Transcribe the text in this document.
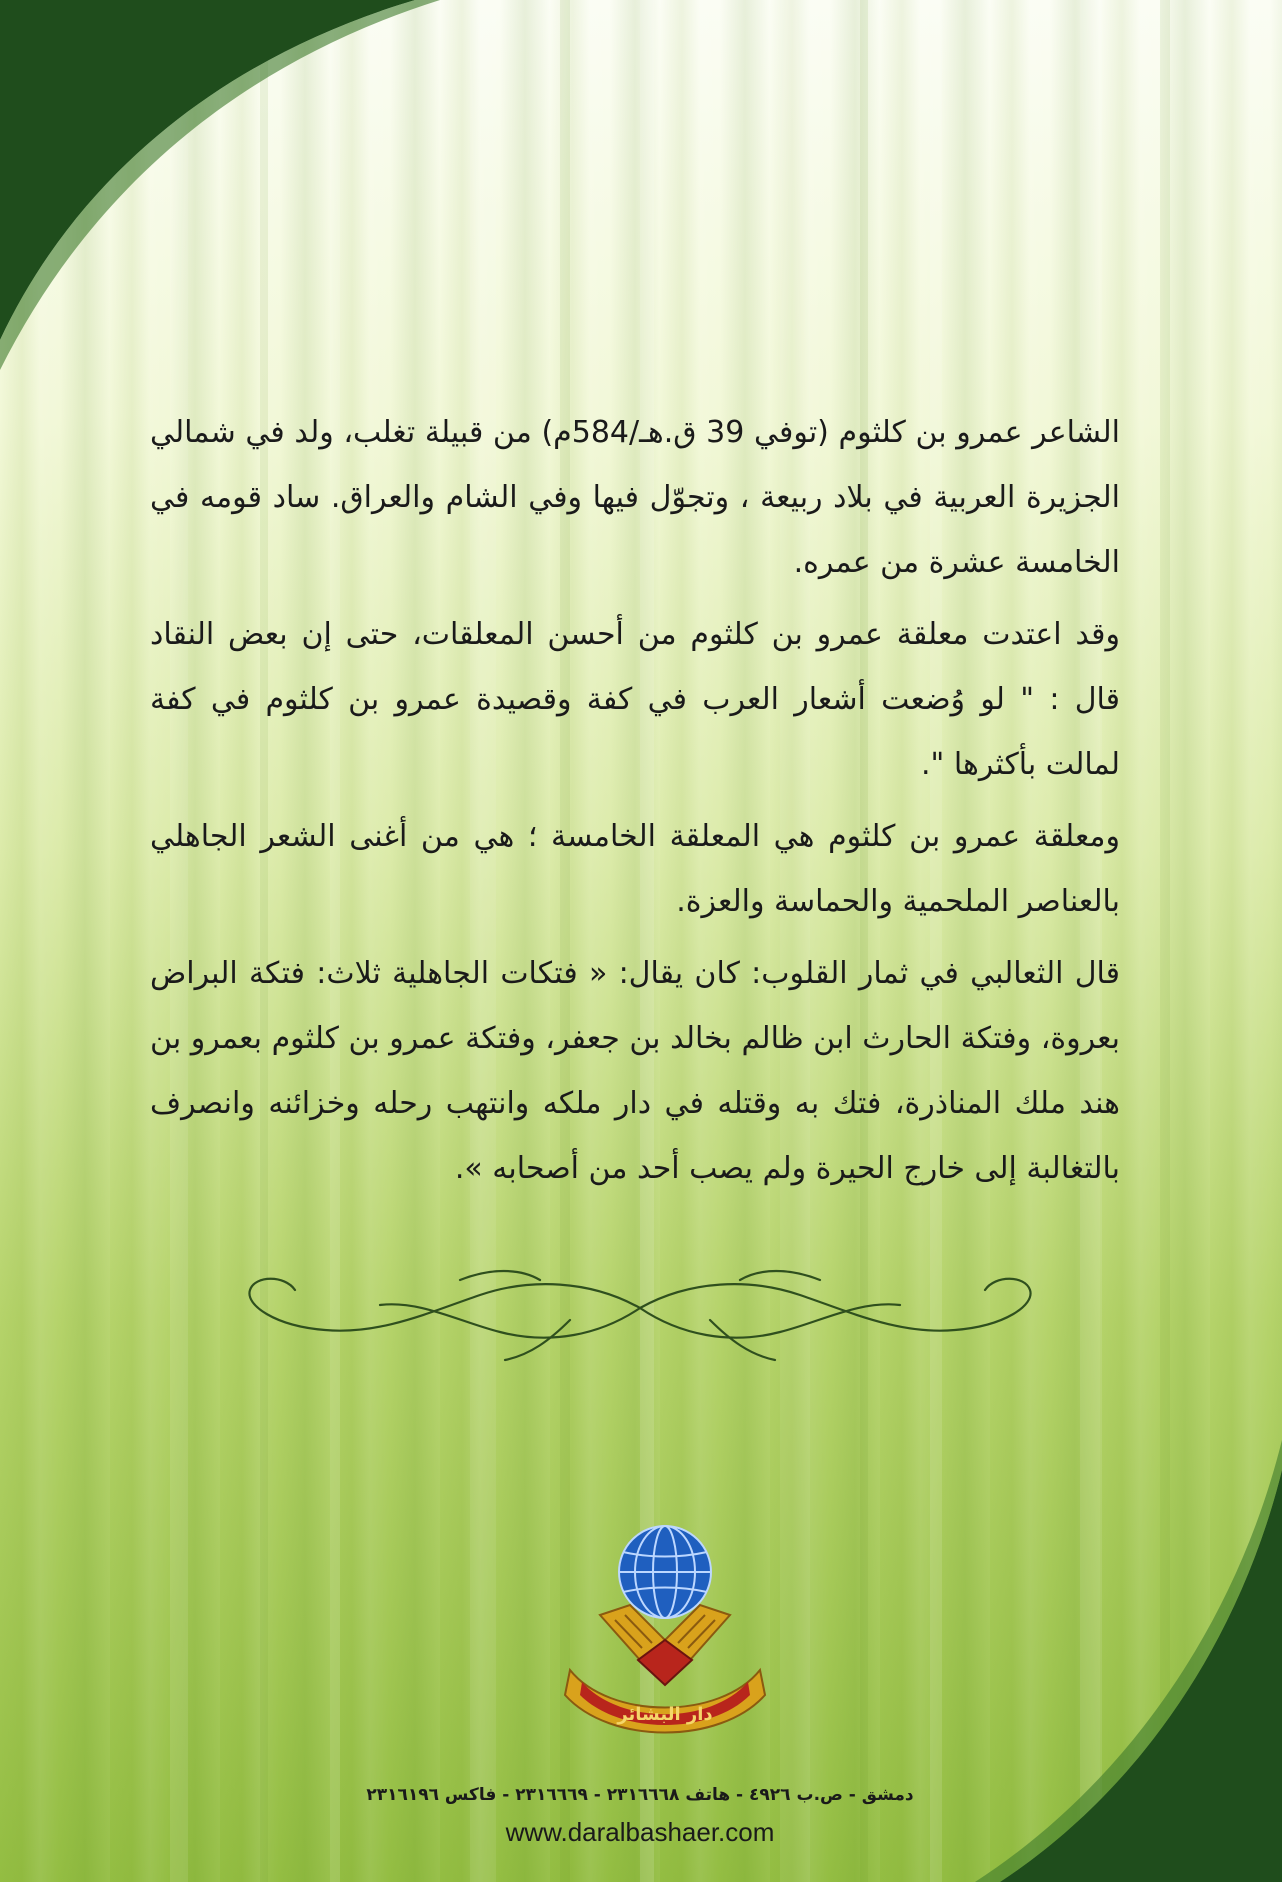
الشاعر عمرو بن كلثوم (توفي 39 ق.هـ/584م) من قبيلة تغلب، ولد في شمالي الجزيرة العربية في بلاد ربيعة ، وتجوّل فيها وفي الشام والعراق. ساد قومه في الخامسة عشرة من عمره.

وقد اعتدت معلقة عمرو بن كلثوم من أحسن المعلقات، حتى إن بعض النقاد قال : " لو وُضعت أشعار العرب في كفة وقصيدة عمرو بن كلثوم في كفة لمالت بأكثرها ".

ومعلقة عمرو بن كلثوم هي المعلقة الخامسة ؛ هي من أغنى الشعر الجاهلي بالعناصر الملحمية والحماسة والعزة.

قال الثعالبي في ثمار القلوب: كان يقال: « فتكات الجاهلية ثلاث: فتكة البراض بعروة، وفتكة الحارث ابن ظالم بخالد بن جعفر، وفتكة عمرو بن كلثوم بعمرو بن هند ملك المناذرة، فتك به وقتله في دار ملكه وانتهب رحله وخزائنه وانصرف بالتغالبة إلى خارج الحيرة ولم يصب أحد من أصحابه ».

دار البشائر
دمشق - ص.ب ٤٩٢٦ - هاتف ٢٣١٦٦٦٨ - ٢٣١٦٦٦٩ - فاكس ٢٣١٦١٩٦
www.daralbashaer.com
